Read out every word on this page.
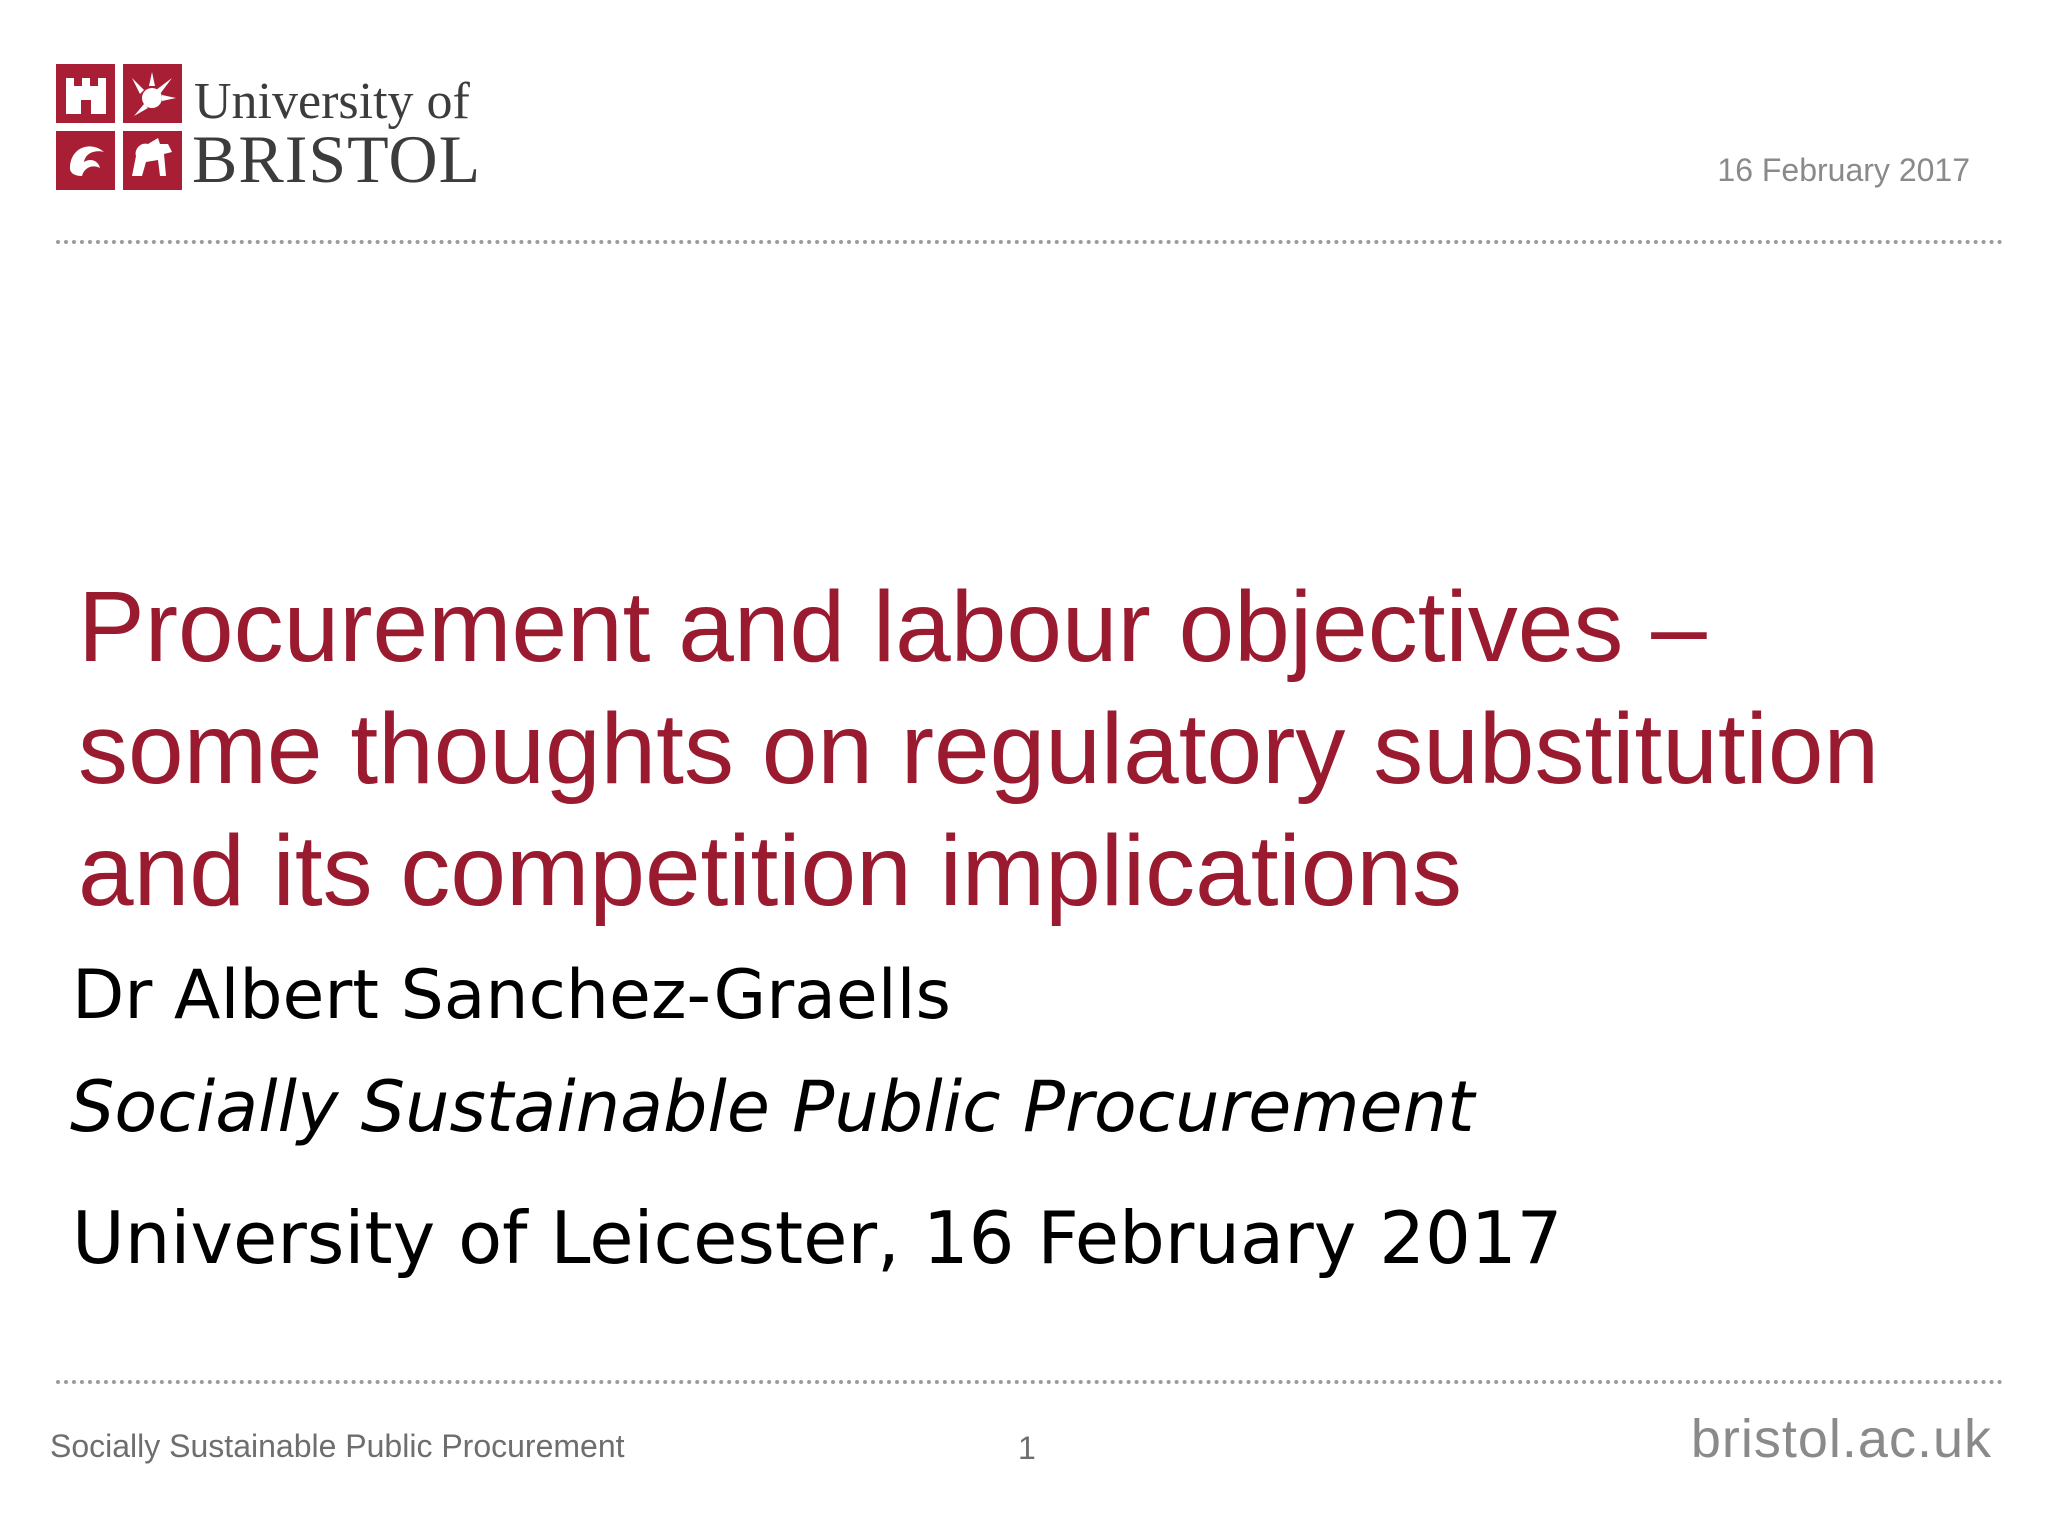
University of
BRISTOL	16 February 2017
Procurement and labour objectives –
some thoughts on regulatory substitution
and its competition implications
Dr Albert Sanchez-Graells
Socially Sustainable Public Procurement
University of Leicester, 16 February 2017
Socially Sustainable Public Procurement	1	bristol.ac.uk
